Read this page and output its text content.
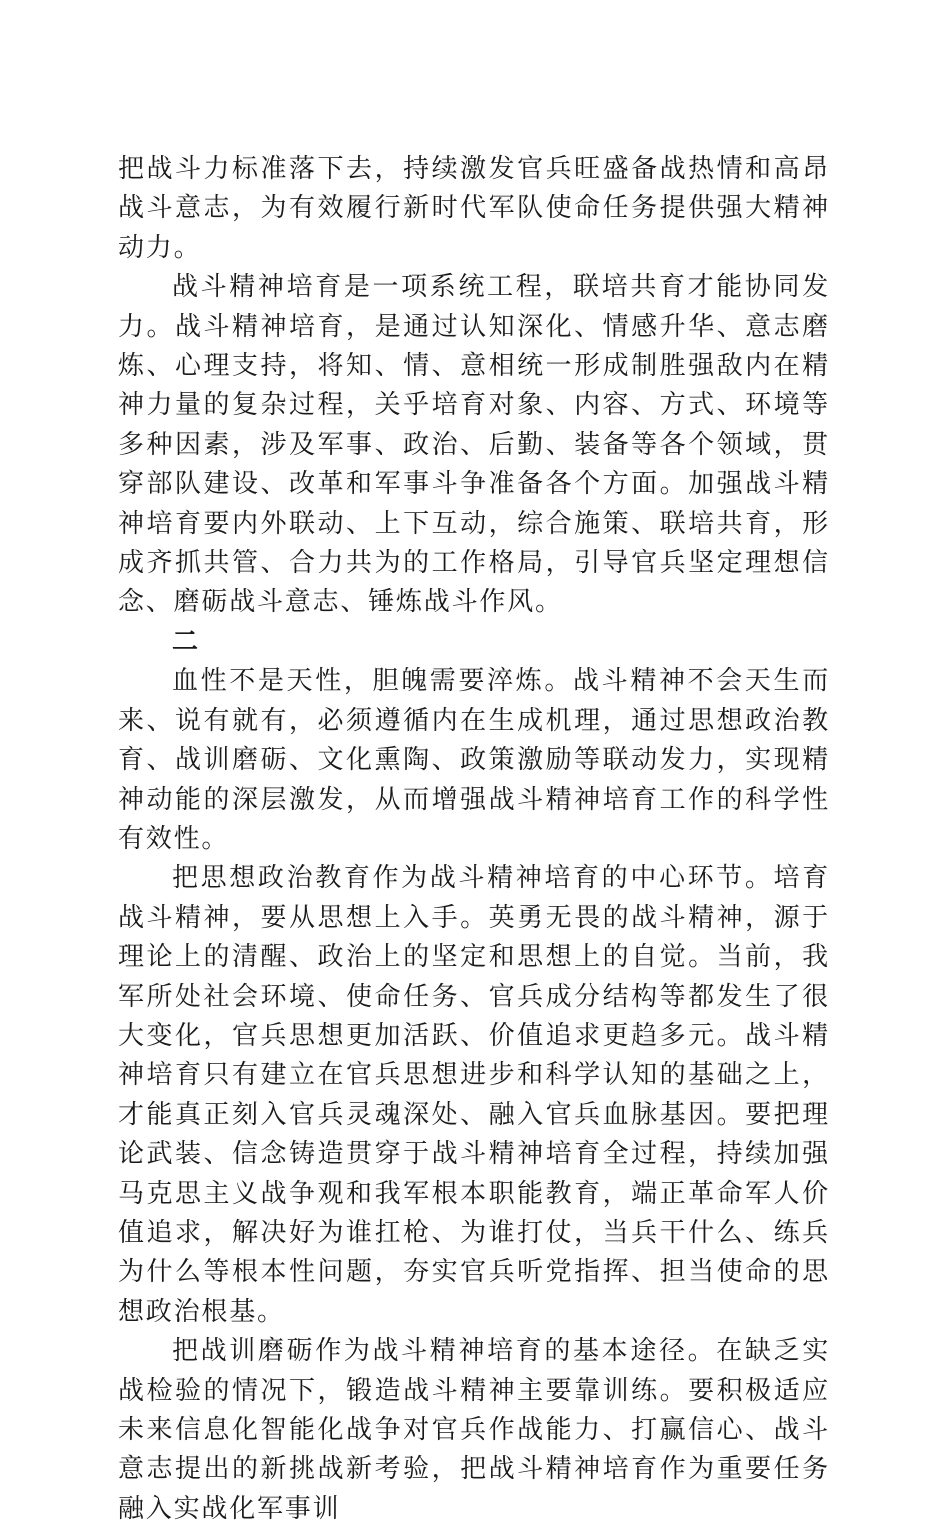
把战斗力标准落下去，持续激发官兵旺盛备战热情和高昂战斗意志，为有效履行新时代军队使命任务提供强大精神动力。

战斗精神培育是一项系统工程，联培共育才能协同发力。战斗精神培育，是通过认知深化、情感升华、意志磨炼、心理支持，将知、情、意相统一形成制胜强敌内在精神力量的复杂过程，关乎培育对象、内容、方式、环境等多种因素，涉及军事、政治、后勤、装备等各个领域，贯穿部队建设、改革和军事斗争准备各个方面。加强战斗精神培育要内外联动、上下互动，综合施策、联培共育，形成齐抓共管、合力共为的工作格局，引导官兵坚定理想信念、磨砺战斗意志、锤炼战斗作风。

二

血性不是天性，胆魄需要淬炼。战斗精神不会天生而来、说有就有，必须遵循内在生成机理，通过思想政治教育、战训磨砺、文化熏陶、政策激励等联动发力，实现精神动能的深层激发，从而增强战斗精神培育工作的科学性有效性。

把思想政治教育作为战斗精神培育的中心环节。培育战斗精神，要从思想上入手。英勇无畏的战斗精神，源于理论上的清醒、政治上的坚定和思想上的自觉。当前，我军所处社会环境、使命任务、官兵成分结构等都发生了很大变化，官兵思想更加活跃、价值追求更趋多元。战斗精神培育只有建立在官兵思想进步和科学认知的基础之上，才能真正刻入官兵灵魂深处、融入官兵血脉基因。要把理论武装、信念铸造贯穿于战斗精神培育全过程，持续加强马克思主义战争观和我军根本职能教育，端正革命军人价值追求，解决好为谁扛枪、为谁打仗，当兵干什么、练兵为什么等根本性问题，夯实官兵听党指挥、担当使命的思想政治根基。

把战训磨砺作为战斗精神培育的基本途径。在缺乏实战检验的情况下，锻造战斗精神主要靠训练。要积极适应未来信息化智能化战争对官兵作战能力、打赢信心、战斗意志提出的新挑战新考验，把战斗精神培育作为重要任务融入实战化军事训
